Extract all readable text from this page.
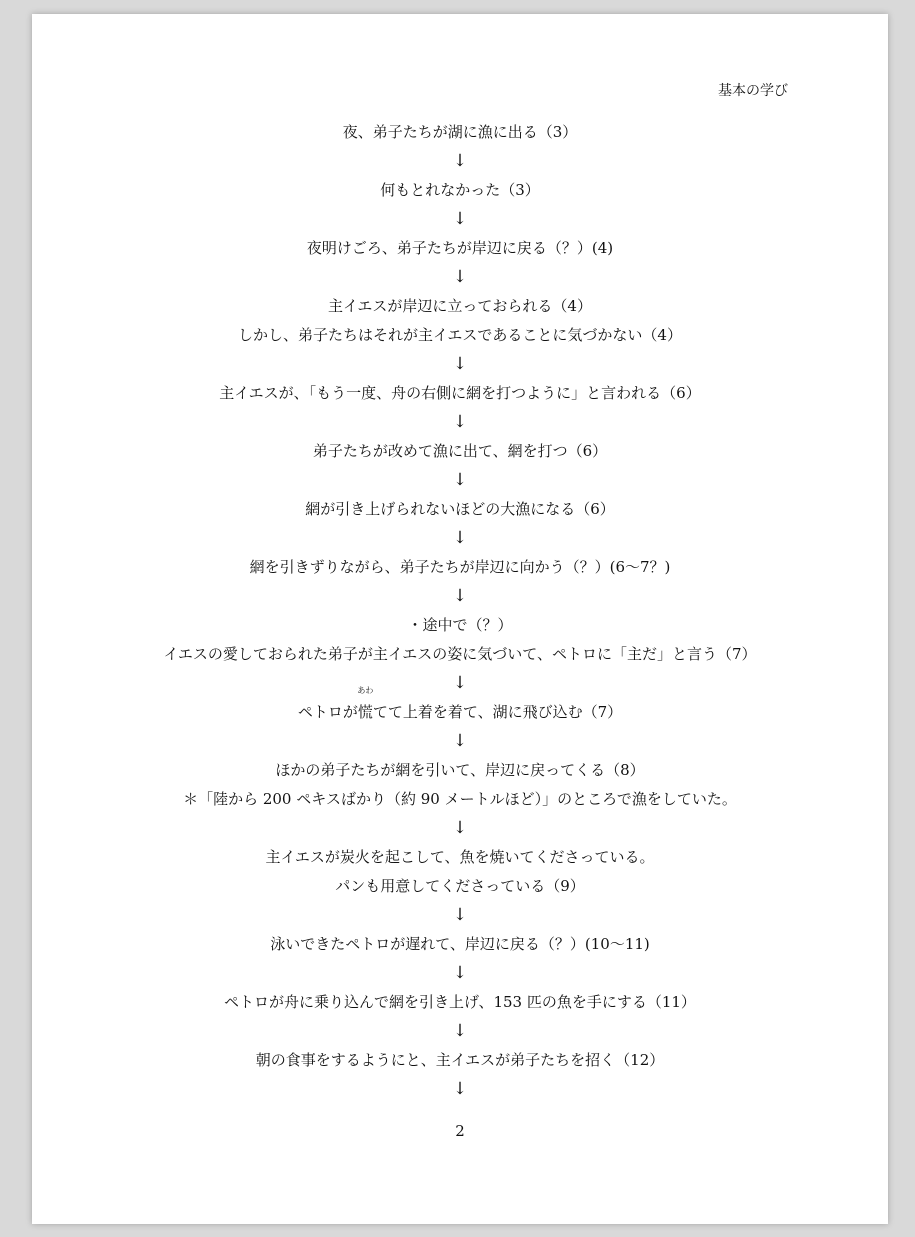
基本の学び
夜、弟子たちが湖に漁に出る（3）
↓
何もとれなかった（3）
↓
夜明けごろ、弟子たちが岸辺に戻る（？）(4)
↓
主イエスが岸辺に立っておられる（4）
しかし、弟子たちはそれが主イエスであることに気づかない（4）
↓
主イエスが、「もう一度、舟の右側に網を打つように」と言われる（6）
↓
弟子たちが改めて漁に出て、網を打つ（6）
↓
網が引き上げられないほどの大漁になる（6）
↓
網を引きずりながら、弟子たちが岸辺に向かう（？）(6〜7？)
↓
・途中で（？）
イエスの愛しておられた弟子が主イエスの姿に気づいて、ペトロに「主だ」と言う（7）
↓
ペトロが
あわ
慌てて上着を着て、湖に飛び込む（7）
↓
ほかの弟子たちが網を引いて、岸辺に戻ってくる（8）
＊「陸から 200 ペキスばかり（約 90 メートルほど）」のところで漁をしていた。
↓
主イエスが炭火を起こして、魚を焼いてくださっている。
パンも用意してくださっている（9）
↓
泳いできたペトロが遅れて、岸辺に戻る（？）(10〜11)
↓
ペトロが舟に乗り込んで網を引き上げ、153 匹の魚を手にする（11）
↓
朝の食事をするようにと、主イエスが弟子たちを招く（12）
↓
2
